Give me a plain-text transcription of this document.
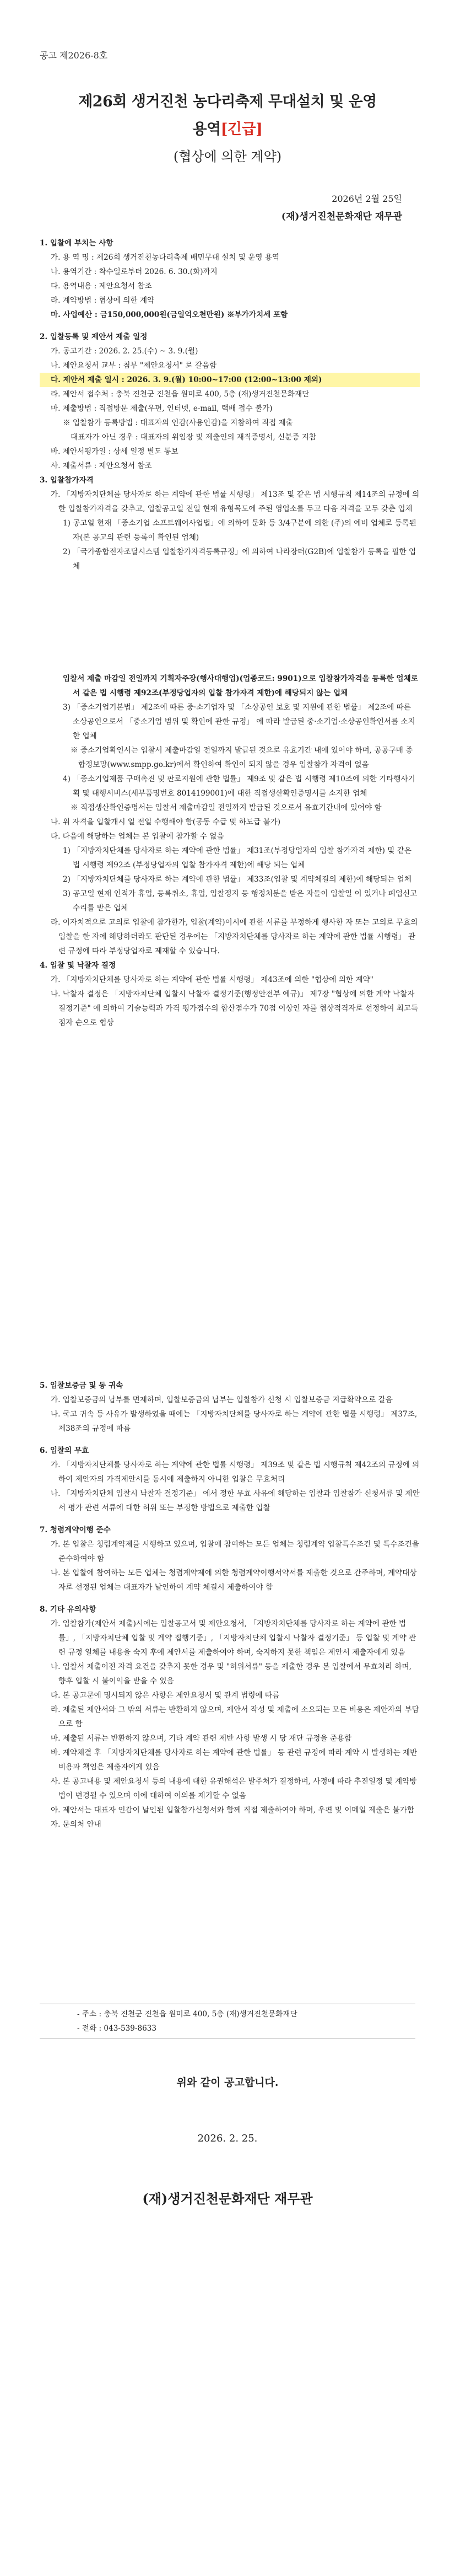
공고 제2026-8호
제26회 생거진천 농다리축제 무대설치 및 운영
용역[긴급]
(협상에 의한 계약)
2026년 2월 25일
(재)생거진천문화재단 재무관

1. 입찰에 부치는 사항

가. 용 역 명 : 제26회 생거진천농다리축제 배민무대 설치 및 운영 용역

나. 용역기간 : 착수일로부터 2026. 6. 30.(화)까지

다. 용역내용 : 제안요청서 참조

라. 계약방법 : 협상에 의한 계약

마. 사업예산 : 금150,000,000원(금일억오천만원) ※부가가치세 포함

2. 입찰등록 및 제안서 제출 일정

가. 공고기간 : 2026. 2. 25.(수) ~ 3. 9.(월)

나. 제안요청서 교부 : 첨부 "제안요청서" 로 갈음함

다. 제안서 제출 일시 : 2026. 3. 9.(월) 10:00~17:00 (12:00~13:00 제외)

라. 제안서 접수처 : 충북 진천군 진천읍 원미로 400, 5층 (재)생거진천문화재단

마. 제출방법 : 직접방문 제출(우편, 인터넷, e-mail, 택배 접수 불가)

※ 입찰참가 등록방법 : 대표자의 인감(사용인감)을 지참하여 직접 제출

대표자가 아닌 경우 : 대표자의 위임장 및 제출인의 재직증명서, 신분증 지참

바. 제안서평가일 : 상세 일정 별도 통보

사. 제출서류 : 제안요청서 참조

3. 입찰참가자격

가. 「지방자치단체를 당사자로 하는 계약에 관한 법률 시행령」 제13조 및 같은 법 시행규칙 제14조의 규정에 의한 입찰참가자격을 갖추고, 입찰공고일 전일 현재 유형목도에 주된 영업소를 두고 다음 자격을 모두 갖춘 업체

1) 공고일 현재 「중소기업 소프트웨어사업법」에 의하여 문화 등 3/4구분에 의한 (주)의 예비 업체로 등록된 자(본 공고의 관련 등록이 확인된 업체)

2) 「국가종합전자조달시스템 입찰참가자격등록규정」에 의하여 나라장터(G2B)에 입찰참가 등록을 필한 업체

입찰서 제출 마감일 전일까지 기획자주장(행사대행업)(업종코드: 9901)으로 입찰참가자격을 등록한 업체로서 같은 법 시행령 제92조(부정당업자의 입찰 참가자격 제한)에 해당되지 않는 업체

3) 「중소기업기본법」 제2조에 따른 중·소기업자 및 「소상공인 보호 및 지원에 관한 법률」 제2조에 따른 소상공인으로서 「중소기업 범위 및 확인에 관한 규정」 에 따라 발급된 중·소기업·소상공인확인서를 소지한 업체

※ 중소기업확인서는 입찰서 제출마감일 전일까지 발급된 것으로 유효기간 내에 있어야 하며, 공공구매 종합정보망(www.smpp.go.kr)에서 확인하여 확인이 되지 않을 경우 입찰참가 자격이 없음

4) 「중소기업제품 구매촉진 및 판로지원에 관한 법률」 제9조 및 같은 법 시행령 제10조에 의한 기타행사기획 및 대행서비스(세부품명번호 8014199001)에 대한 직접생산확인증명서를 소지한 업체

※ 직접생산확인증명서는 입찰서 제출마감일 전일까지 발급된 것으로서 유효기간내에 있어야 함

나. 위 자격을 입찰개시 일 전일 수행해야 함(공동 수급 및 하도급 불가)

다. 다음에 해당하는 업체는 본 입찰에 참가할 수 없음

1) 「지방자치단체를 당사자로 하는 계약에 관한 법률」 제31조(부정당업자의 입찰 참가자격 제한) 및 같은 법 시행령 제92조 (부정당업자의 입찰 참가자격 제한)에 해당 되는 업체

2) 「지방자치단체를 당사자로 하는 계약에 관한 법률」 제33조(입찰 및 계약체결의 제한)에 해당되는 업체

3) 공고일 현재 인적가 휴업, 등록취소, 휴업, 입찰정지 등 행정처분을 받은 자들이 입찰일 이 있거나 폐업신고 수리를 받은 업체

라. 이자치적으로 고의로 입찰에 참가한가, 입찰(계약)이시에 관한 서류를 부정하게 행사한 자 또는 고의로 무효의 입찰을 한 자에 해당하더라도 판단된 경우에는 「지방자치단체를 당사자로 하는 계약에 관한 법률 시행령」 관련 규정에 따라 부정당업자로 제재할 수 있습니다.

4. 입찰 및 낙찰자 결정

가. 「지방자치단체를 당사자로 하는 계약에 관한 법률 시행령」 제43조에 의한 "협상에 의한 계약"

나. 낙찰자 결정은 「지방자치단체 입찰시 낙찰자 결정기준(행정안전부 예규)」 제7장 "협상에 의한 계약 낙찰자 결정기준" 에 의하여 기술능력과 가격 평가점수의 합산점수가 70점 이상인 자를 협상적격자로 선정하여 최고득점자 순으로 협상

5. 입찰보증금 및 동 귀속

가. 입찰보증금의 납부를 면제하며, 입찰보증금의 납부는 입찰참가 신청 시 입찰보증금 지급확약으로 갈음

나. 국고 귀속 등 사유가 발생하였을 때에는 「지방자치단체를 당사자로 하는 계약에 관한 법률 시행령」 제37조, 제38조의 규정에 따름

6. 입찰의 무효

가. 「지방자치단체를 당사자로 하는 계약에 관한 법률 시행령」 제39조 및 같은 법 시행규칙 제42조의 규정에 의하여 제안자의 가격제안서를 동시에 제출하지 아니한 입찰은 무효처리

나. 「지방자치단체 입찰시 낙찰자 결정기준」 에서 정한 무효 사유에 해당하는 입찰과 입찰참가 신청서류 및 제안서 평가 관련 서류에 대한 허위 또는 부정한 방법으로 제출한 입찰

7. 청렴계약이행 준수

가. 본 입찰은 청렴계약제를 시행하고 있으며, 입찰에 참여하는 모든 업체는 청렴계약 입찰특수조건 및 특수조건을 준수하여야 함

나. 본 입찰에 참여하는 모든 업체는 청렴계약제에 의한 청렴계약이행서약서를 제출한 것으로 간주하며, 계약대상자로 선정된 업체는 대표자가 날인하여 계약 체결시 제출하여야 함

8. 기타 유의사항

가. 입찰참가(제안서 제출)시에는 입찰공고서 및 제안요청서, 「지방자치단체를 당사자로 하는 계약에 관한 법률」, 「지방자치단체 입찰 및 계약 집행기준」, 「지방자치단체 입찰시 낙찰자 결정기준」 등 입찰 및 계약 관련 규정 일체를 내용을 숙지 후에 제안서를 제출하여야 하며, 숙지하지 못한 책임은 제안서 제출자에게 있음

나. 입찰서 제출이전 자격 요건을 갖추지 못한 경우 및 "허위서류" 등을 제출한 경우 본 입찰에서 무효처리 하며, 향후 입찰 시 불이익을 받을 수 있음

다. 본 공고문에 명시되지 않은 사항은 제안요청서 및 관계 법령에 따름

라. 제출된 제안서와 그 밖의 서류는 반환하지 않으며, 제안서 작성 및 제출에 소요되는 모든 비용은 제안자의 부담으로 함

마. 제출된 서류는 반환하지 않으며, 기타 계약 관련 제반 사항 발생 시 당 재단 규정을 준용함

바. 계약체결 후 「지방자치단체를 당사자로 하는 계약에 관한 법률」 등 관련 규정에 따라 계약 시 발생하는 제반 비용과 책임은 제출자에게 있음

사. 본 공고내용 및 제안요청서 등의 내용에 대한 유권해석은 발주처가 결정하며, 사정에 따라 추진일정 및 계약방법이 변경될 수 있으며 이에 대하여 이의를 제기할 수 없음

아. 제안서는 대표자 인감이 날인된 입찰참가신청서와 함께 직접 제출하여야 하며, 우편 및 이메일 제출은 불가함

자. 문의처 안내

- 주소 : 충북 진천군 진천읍 원미로 400, 5층 (재)생거진천문화재단
- 전화 : 043-539-8633
위와 같이 공고합니다.
2026. 2. 25.
(재)생거진천문화재단 재무관
